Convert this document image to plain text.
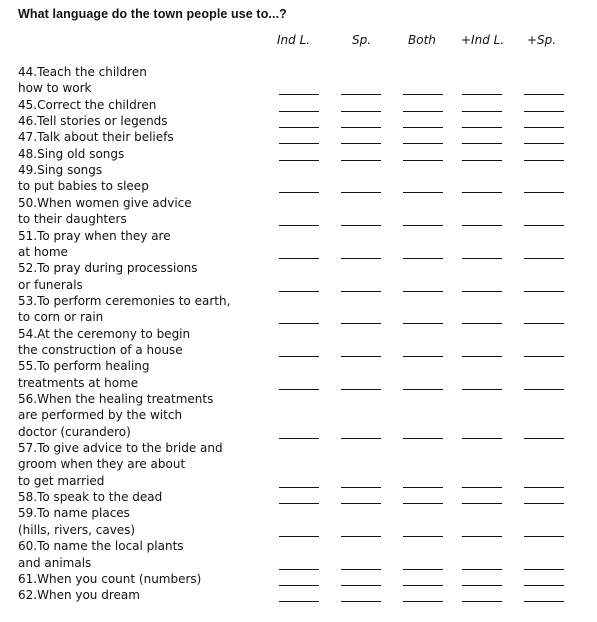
What language do the town people use to...?
Ind L.	Sp.	Both +Ind L. +Sp.
44.Teach the children
how to work
45.Correct the children
46.Tell stories or legends
47.Talk about their beliefs
48.Sing old songs
49.Sing songs
to put babies to sleep
50.When women give advice
to their daughters
51.To pray when they are
at home
52.To pray during processions
or funerals
53.To perform ceremonies to earth,
to corn or rain
54.At the ceremony to begin
the construction of a house
55.To perform healing
treatments at home
56.When the healing treatments
are performed by the witch
doctor (curandero)
57.To give advice to the bride and
groom when they are about
to get married
58.To speak to the dead
59.To name places
(hills, rivers, caves)
60.To name the local plants
and animals
61.When you count (numbers)
62.When you dream
